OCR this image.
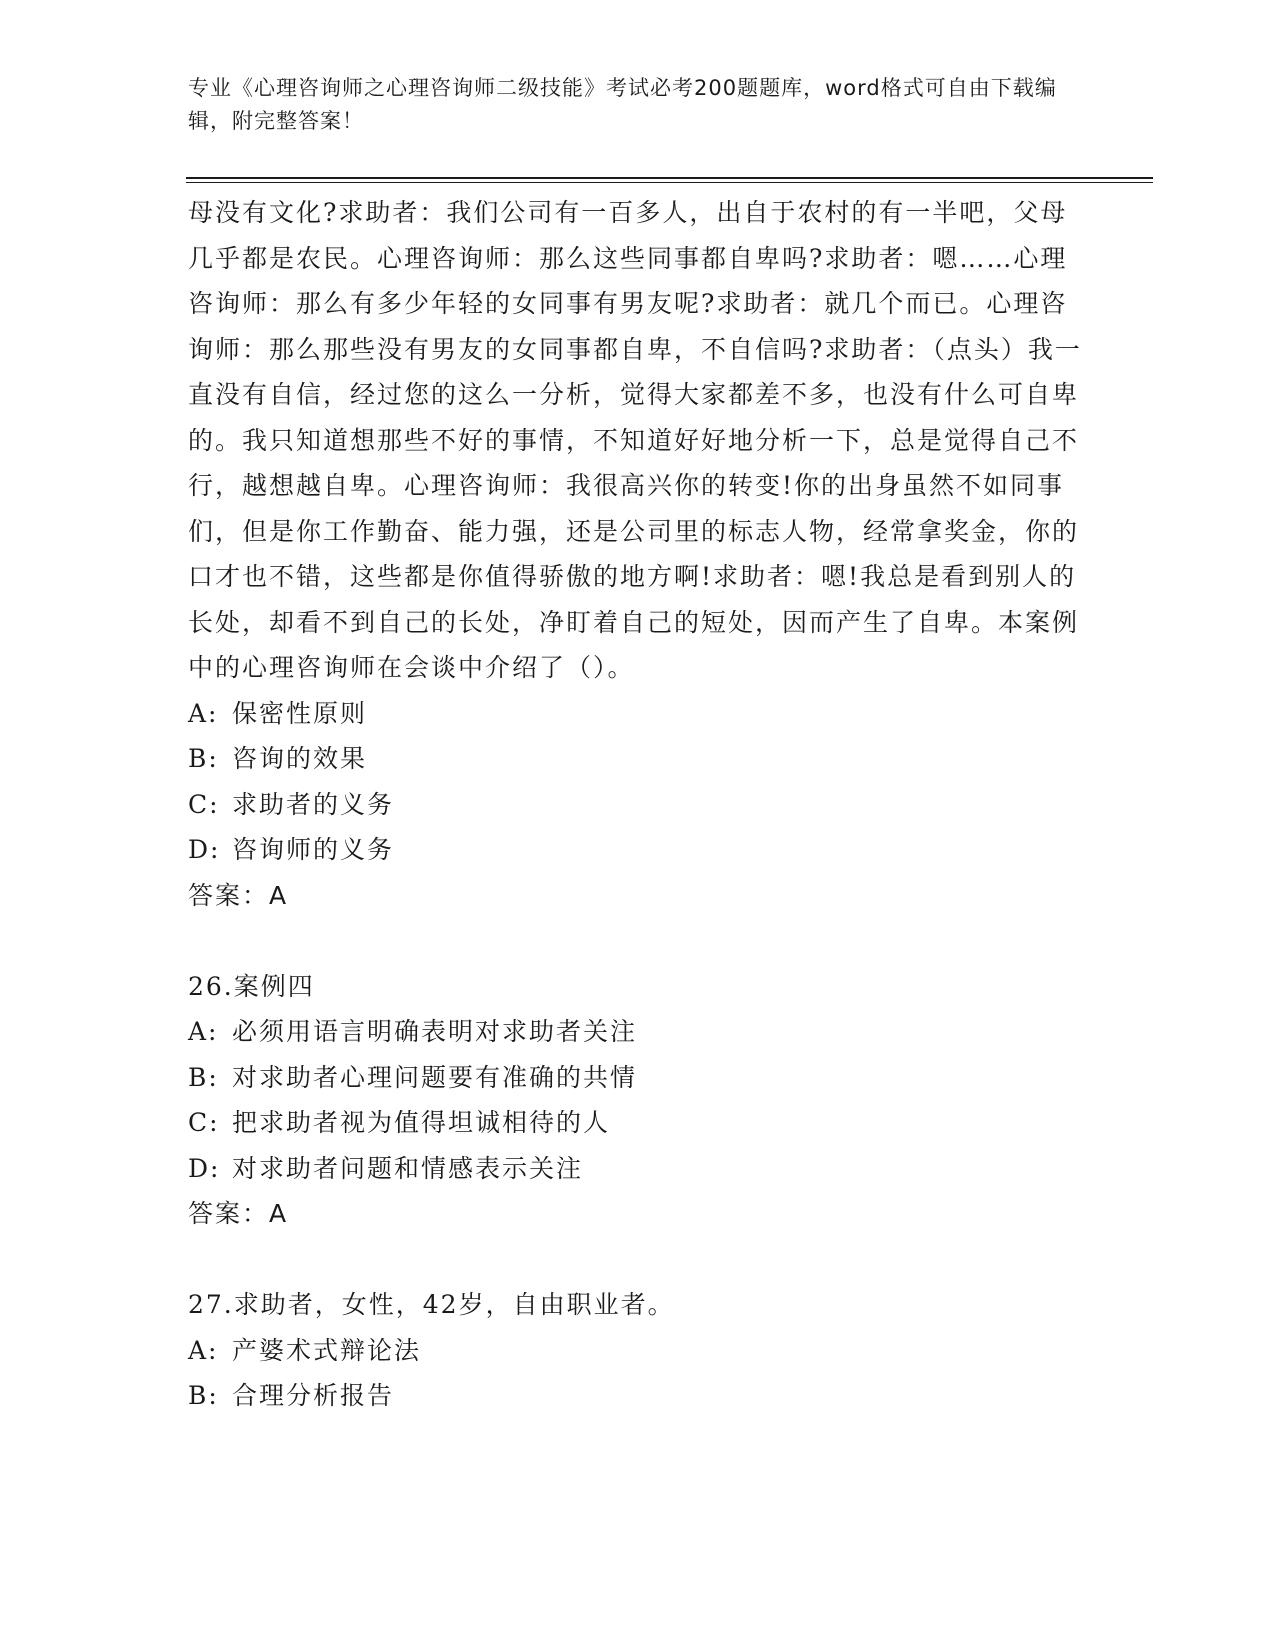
专业《心理咨询师之心理咨询师二级技能》考试必考200题题库，word格式可自由下载编辑，附完整答案！

母没有文化?求助者：我们公司有一百多人，出自于农村的有一半吧，父母几乎都是农民。心理咨询师：那么这些同事都自卑吗?求助者：嗯……心理咨询师：那么有多少年轻的女同事有男友呢?求助者：就几个而已。心理咨询师：那么那些没有男友的女同事都自卑，不自信吗?求助者：（点头）我一直没有自信，经过您的这么一分析，觉得大家都差不多，也没有什么可自卑的。我只知道想那些不好的事情，不知道好好地分析一下，总是觉得自己不行，越想越自卑。心理咨询师：我很高兴你的转变!你的出身虽然不如同事们，但是你工作勤奋、能力强，还是公司里的标志人物，经常拿奖金，你的口才也不错，这些都是你值得骄傲的地方啊!求助者：嗯!我总是看到别人的长处，却看不到自己的长处，净盯着自己的短处，因而产生了自卑。本案例中的心理咨询师在会谈中介绍了（）。

A: 保密性原则

B: 咨询的效果

C: 求助者的义务

D: 咨询师的义务

答案：A

26.案例四

A: 必须用语言明确表明对求助者关注

B: 对求助者心理问题要有准确的共情

C: 把求助者视为值得坦诚相待的人

D: 对求助者问题和情感表示关注

答案：A

27.求助者，女性，42岁，自由职业者。

A: 产婆术式辩论法

B: 合理分析报告
